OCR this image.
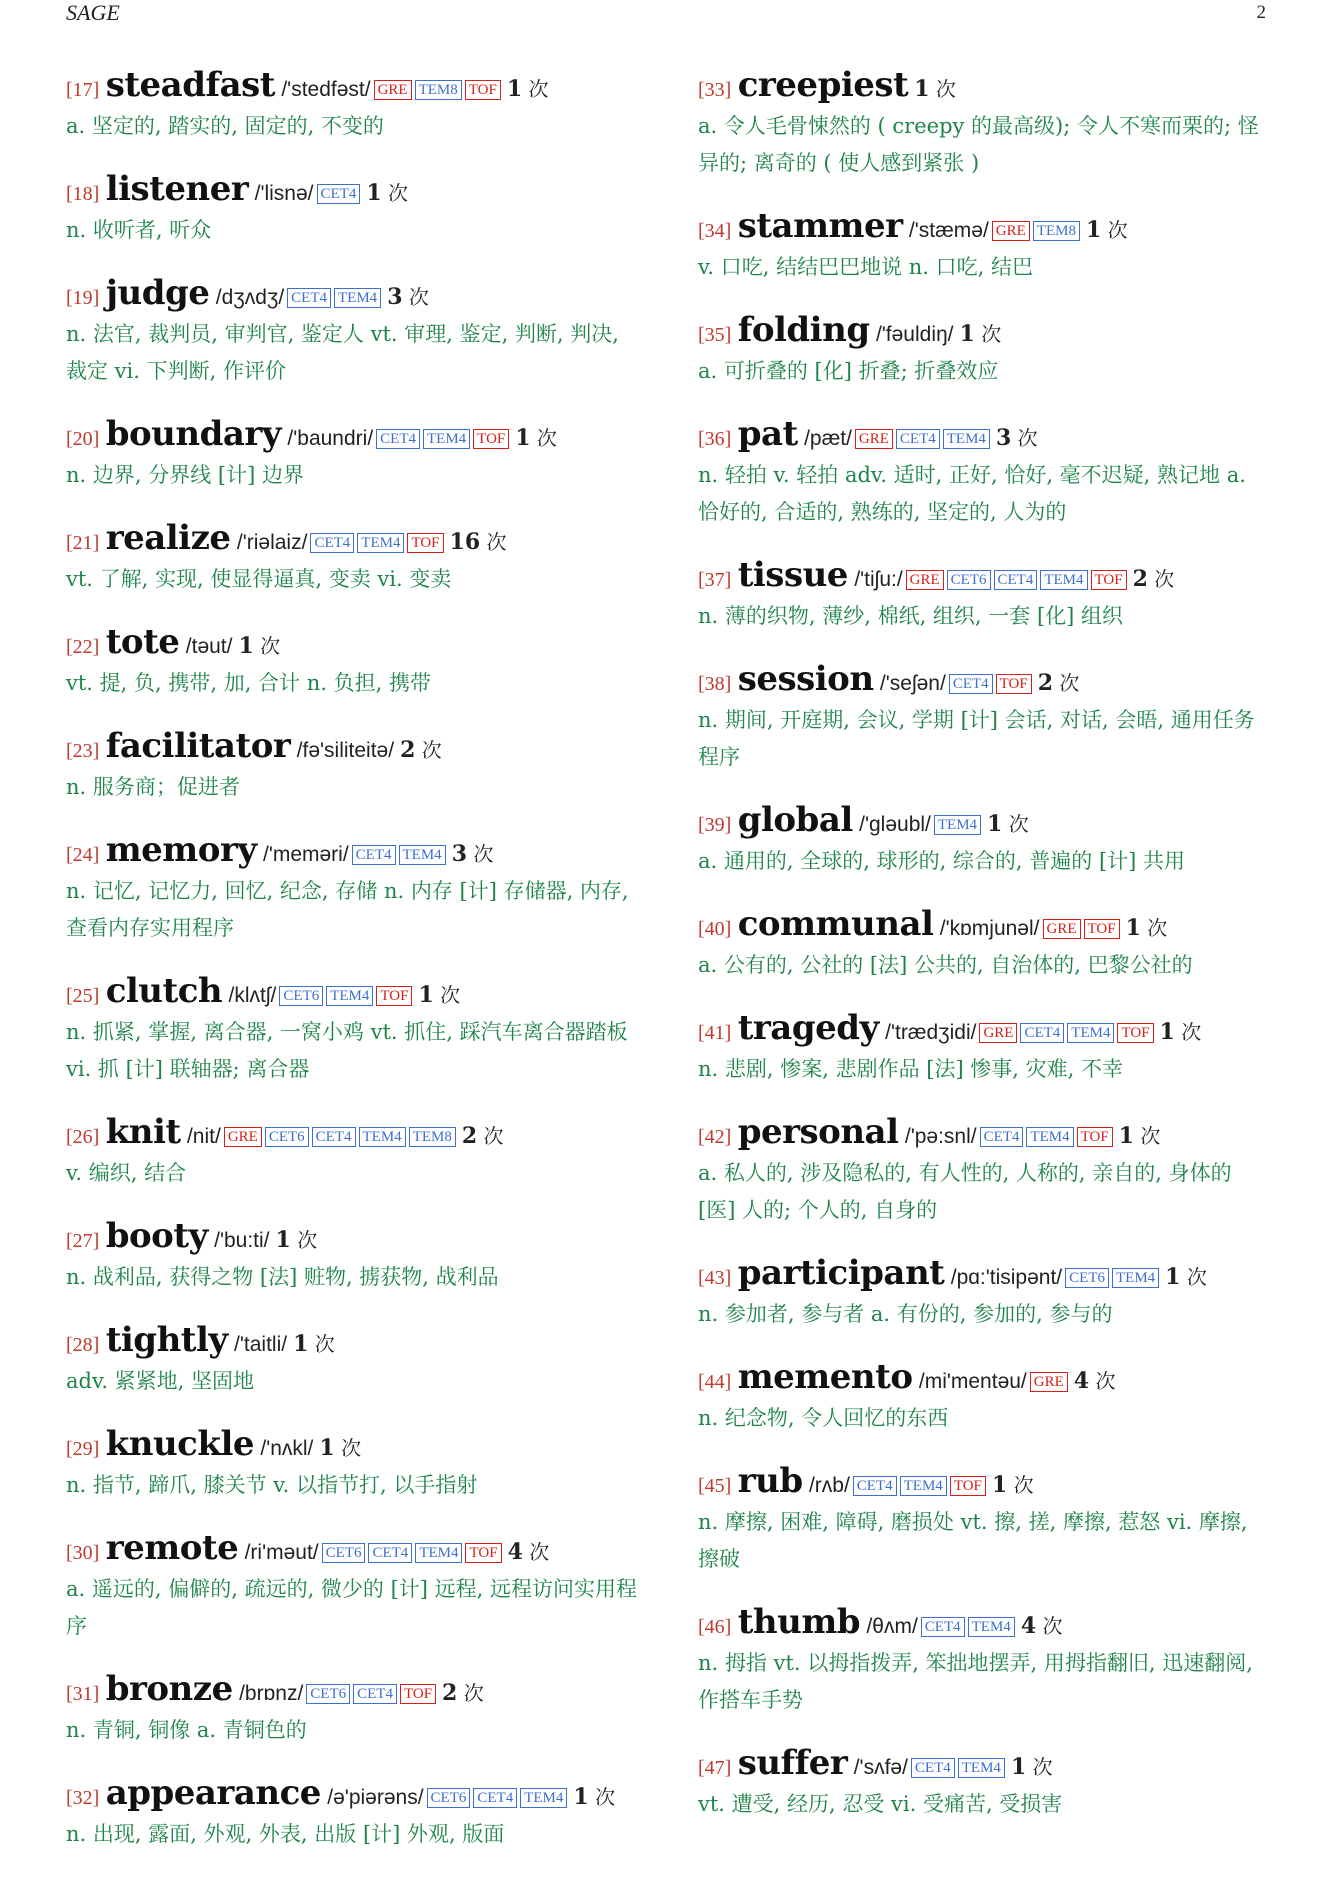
SAGE	2
[17] steadfast /'stedfəst/ GRE TEM8 TOF 1 次
a. 坚定的, 踏实的, 固定的, 不变的
[18] listener /'lisnə/ CET4 1 次
n. 收听者, 听众
[19] judge /dʒʌdʒ/ CET4 TEM4 3 次
n. 法官, 裁判员, 审判官, 鉴定人 vt. 审理, 鉴定, 判断, 判决, 裁定 vi. 下判断, 作评价
[20] boundary /'baundri/ CET4 TEM4 TOF 1 次
n. 边界, 分界线 [计] 边界
[21] realize /'riəlaiz/ CET4 TEM4 TOF 16 次
vt. 了解, 实现, 使显得逼真, 变卖 vi. 变卖
[22] tote /təut/ 1 次
vt. 提, 负, 携带, 加, 合计 n. 负担, 携带
[23] facilitator /fə'siliteitə/ 2 次
n. 服务商；促进者
[24] memory /'meməri/ CET4 TEM4 3 次
n. 记忆, 记忆力, 回忆, 纪念, 存储 n. 内存 [计] 存储器, 内存, 查看内存实用程序
[25] clutch /klʌtʃ/ CET6 TEM4 TOF 1 次
n. 抓紧, 掌握, 离合器, 一窝小鸡 vt. 抓住, 踩汽车离合器踏板 vi. 抓 [计] 联轴器; 离合器
[26] knit /nit/ GRE CET6 CET4 TEM4 TEM8 2 次
v. 编织, 结合
[27] booty /'bu:ti/ 1 次
n. 战利品, 获得之物 [法] 赃物, 掳获物, 战利品
[28] tightly /'taitli/ 1 次
adv. 紧紧地, 坚固地
[29] knuckle /'nʌkl/ 1 次
n. 指节, 蹄爪, 膝关节 v. 以指节打, 以手指射
[30] remote /ri'məut/ CET6 CET4 TEM4 TOF 4 次
a. 遥远的, 偏僻的, 疏远的, 微少的 [计] 远程, 远程访问实用程序
[31] bronze /brɒnz/ CET6 CET4 TOF 2 次
n. 青铜, 铜像 a. 青铜色的
[32] appearance /ə'piərəns/ CET6 CET4 TEM4 1 次
n. 出现, 露面, 外观, 外表, 出版 [计] 外观, 版面
[33] creepiest 1 次
a. 令人毛骨悚然的 ( creepy 的最高级); 令人不寒而栗的; 怪异的; 离奇的 ( 使人感到紧张 )
[34] stammer /'stæmə/ GRE TEM8 1 次
v. 口吃, 结结巴巴地说 n. 口吃, 结巴
[35] folding /'fəuldiŋ/ 1 次
a. 可折叠的 [化] 折叠; 折叠效应
[36] pat /pæt/ GRE CET4 TEM4 3 次
n. 轻拍 v. 轻拍 adv. 适时, 正好, 恰好, 毫不迟疑, 熟记地 a. 恰好的, 合适的, 熟练的, 坚定的, 人为的
[37] tissue /'tiʃu:/ GRE CET6 CET4 TEM4 TOF 2 次
n. 薄的织物, 薄纱, 棉纸, 组织, 一套 [化] 组织
[38] session /'seʃən/ CET4 TOF 2 次
n. 期间, 开庭期, 会议, 学期 [计] 会话, 对话, 会晤, 通用任务程序
[39] global /'gləubl/ TEM4 1 次
a. 通用的, 全球的, 球形的, 综合的, 普遍的 [计] 共用
[40] communal /'kɒmjunəl/ GRE TOF 1 次
a. 公有的, 公社的 [法] 公共的, 自治体的, 巴黎公社的
[41] tragedy /'trædʒidi/ GRE CET4 TEM4 TOF 1 次
n. 悲剧, 惨案, 悲剧作品 [法] 惨事, 灾难, 不幸
[42] personal /'pə:snl/ CET4 TEM4 TOF 1 次
a. 私人的, 涉及隐私的, 有人性的, 人称的, 亲自的, 身体的 [医] 人的; 个人的, 自身的
[43] participant /pɑ:'tisipənt/ CET6 TEM4 1 次
n. 参加者, 参与者 a. 有份的, 参加的, 参与的
[44] memento /mi'mentəu/ GRE 4 次
n. 纪念物, 令人回忆的东西
[45] rub /rʌb/ CET4 TEM4 TOF 1 次
n. 摩擦, 困难, 障碍, 磨损处 vt. 擦, 搓, 摩擦, 惹怒 vi. 摩擦, 擦破
[46] thumb /θʌm/ CET4 TEM4 4 次
n. 拇指 vt. 以拇指拨弄, 笨拙地摆弄, 用拇指翻旧, 迅速翻阅, 作搭车手势
[47] suffer /'sʌfə/ CET4 TEM4 1 次
vt. 遭受, 经历, 忍受 vi. 受痛苦, 受损害
